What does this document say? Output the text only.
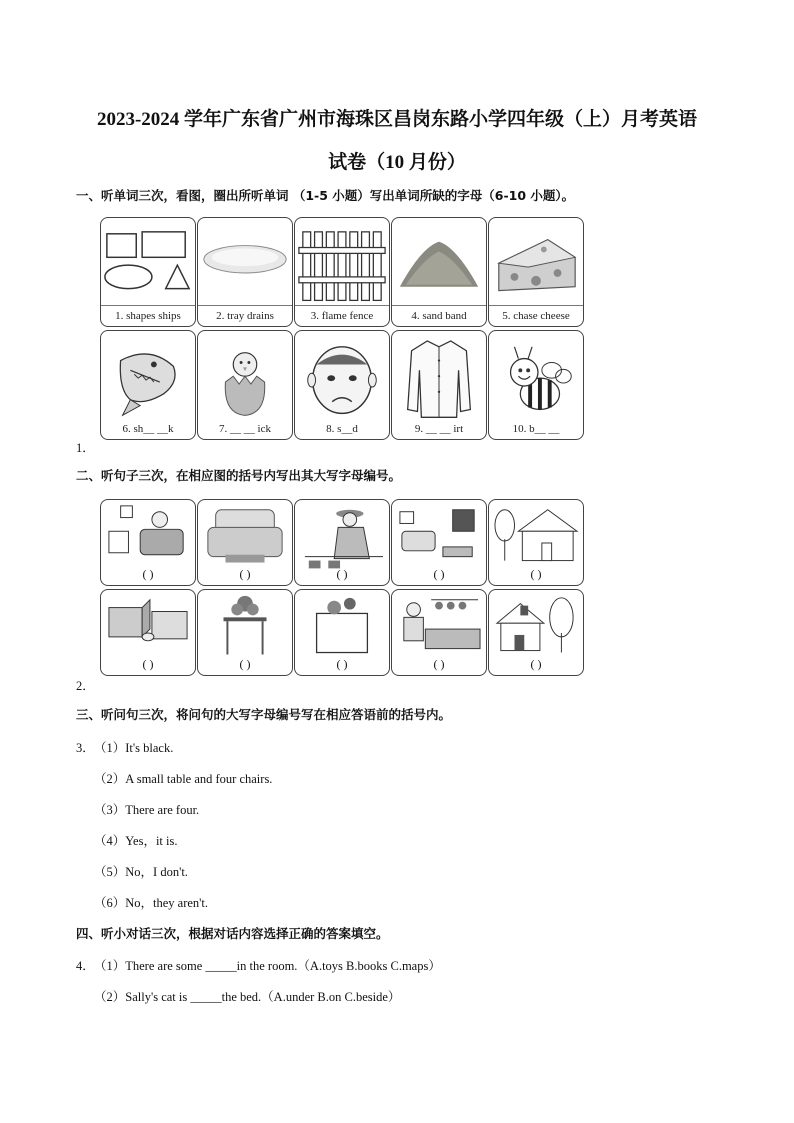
2023-2024 学年广东省广州市海珠区昌岗东路小学四年级（上）月考英语
试卷（10 月份）
一、听单词三次，看图，圈出所听单词 （1-5 小题）写出单词所缺的字母（6-10 小题）。
1. shapes ships	2. tray drains	3. flame fence	4. sand band	5. chase cheese
6. sh__ __k	7. __ __ ick	8. s__d	9. __ __ irt	10. b__ __
1．
二、听句子三次，在相应图的括号内写出其大写字母编号。
( )	( )	( )	( )	( )
( )	( )	( )	( )	( )
2．
三、听问句三次，将问句的大写字母编号写在相应答语前的括号内。
3． （1）It's black.
（2）A small table and four chairs.
（3）There are four.
（4）Yes，it is.
（5）No，I don't.
（6）No，they aren't.
四、听小对话三次，根据对话内容选择正确的答案填空。
4． （1）There are some _____in the room.（A.toys B.books C.maps）
（2）Sally's cat is _____the bed.（A.under B.on C.beside）
